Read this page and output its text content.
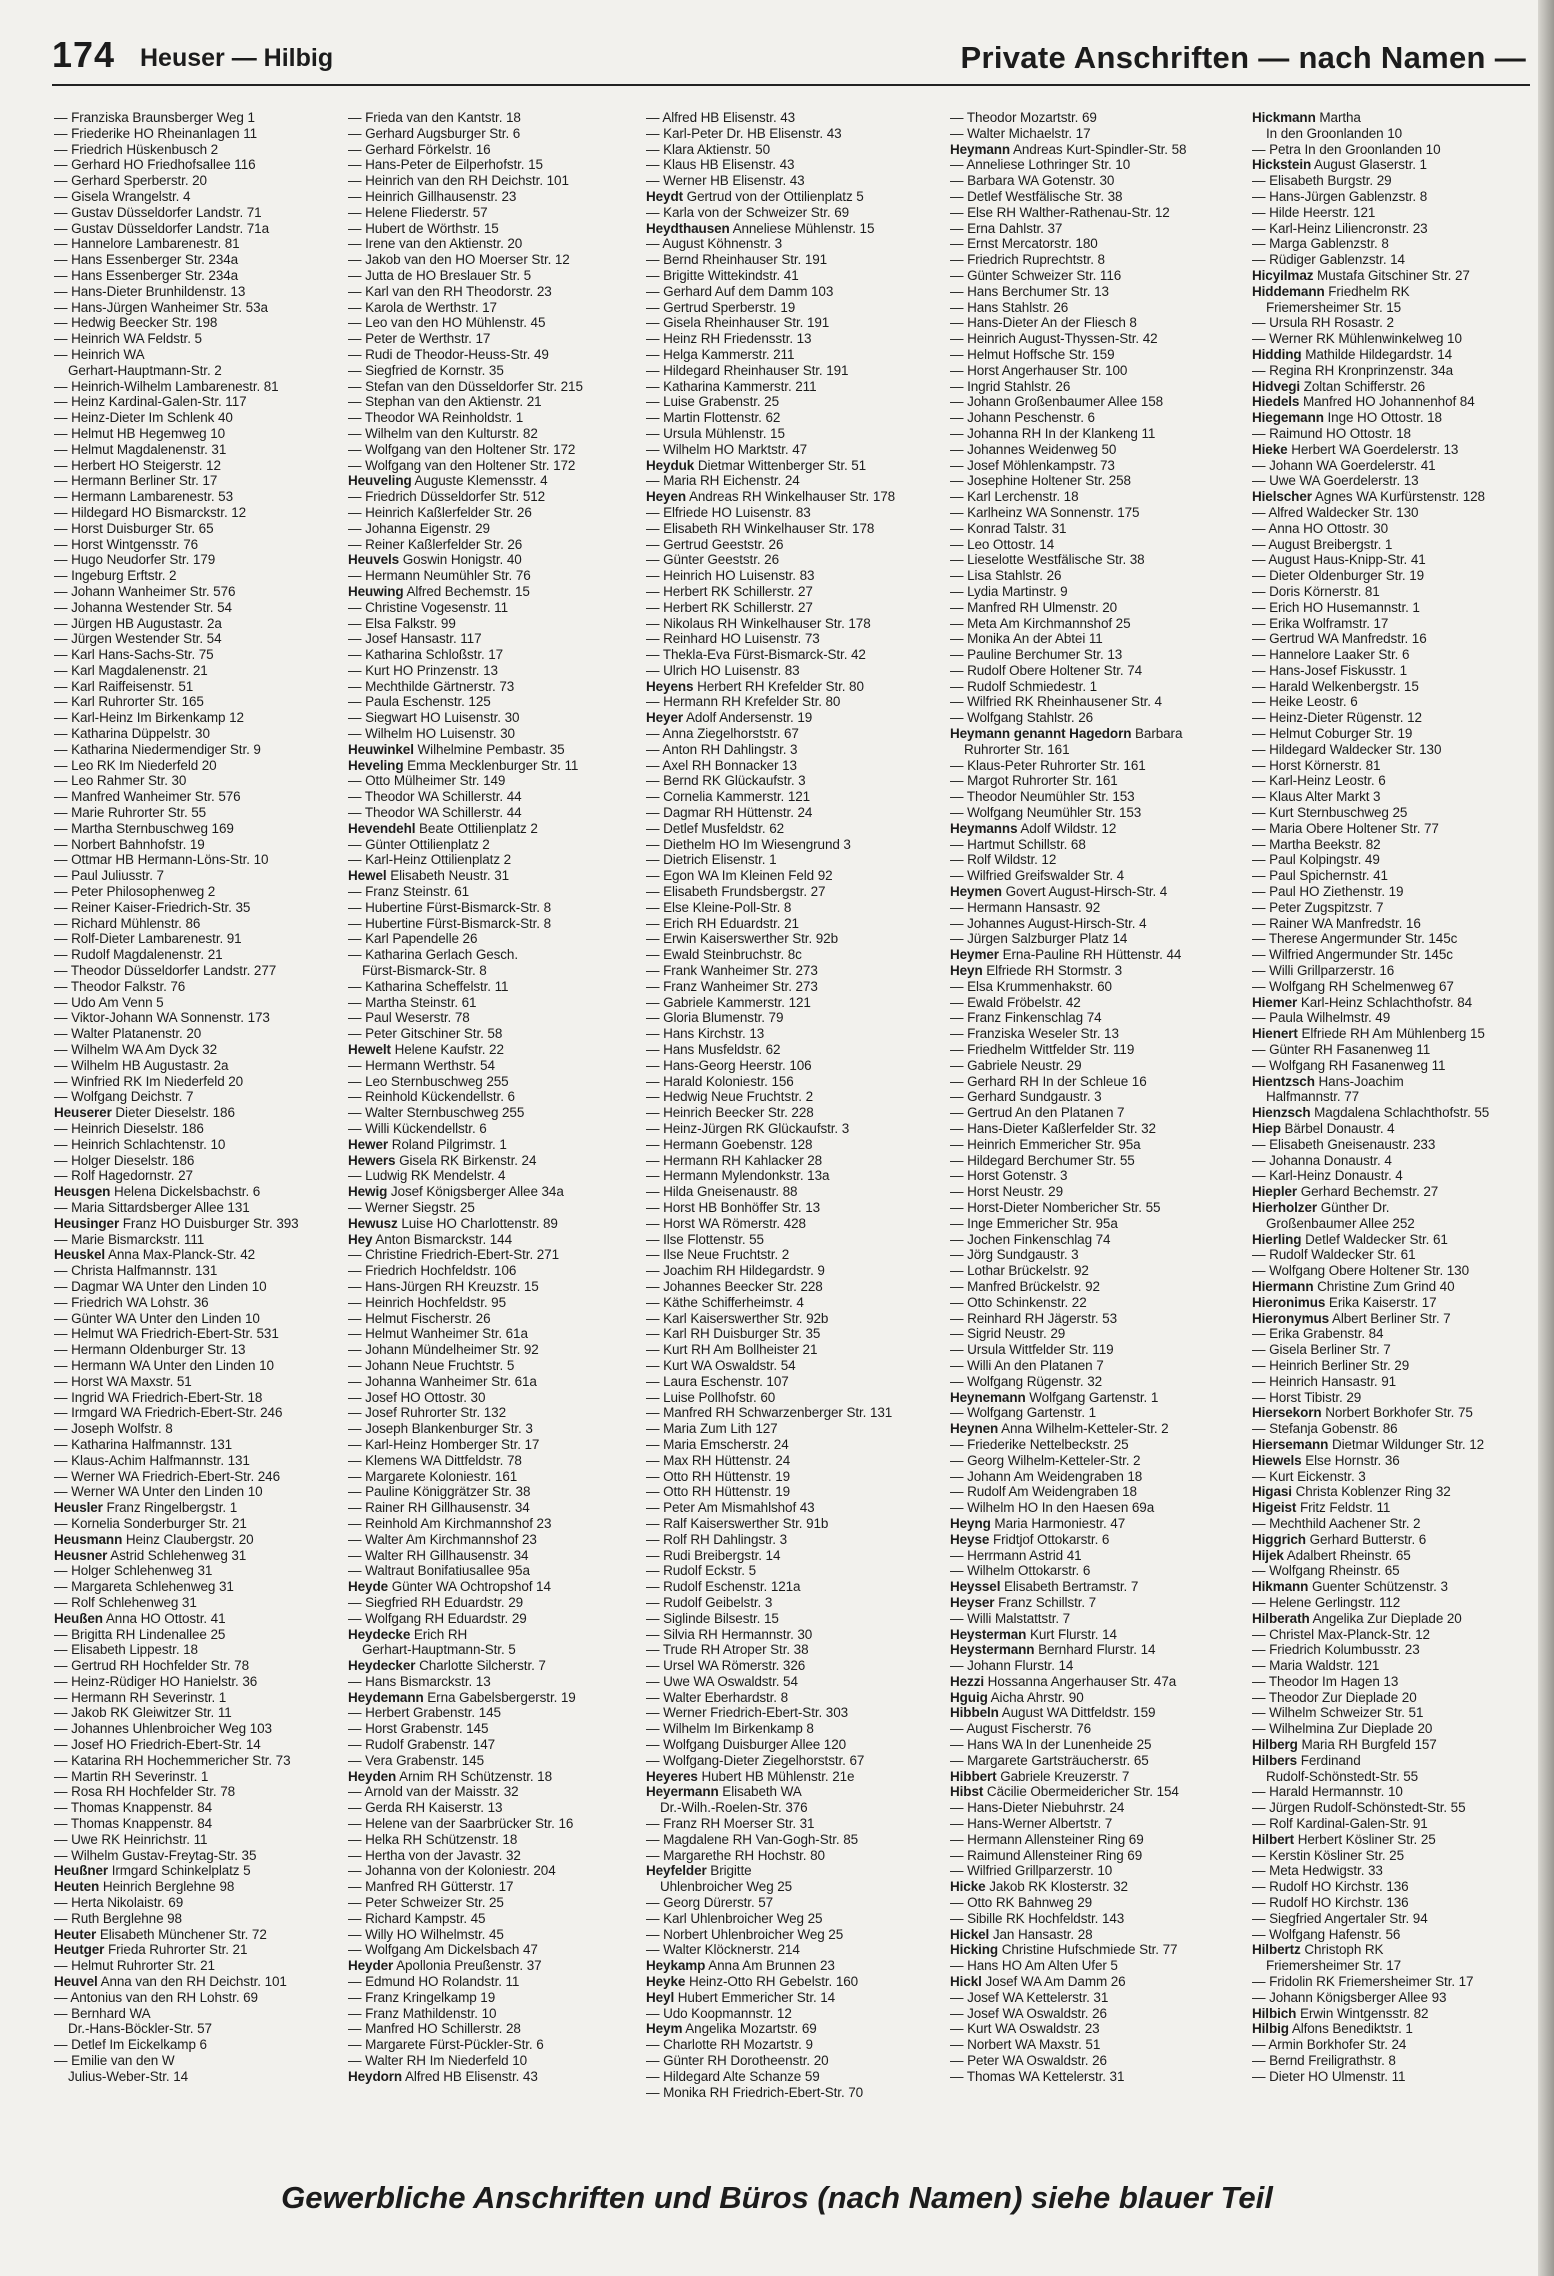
174 Heuser — Hilbig	Private Anschriften — nach Namen —
— Franziska Braunsberger Weg 1
— Friederike HO Rheinanlagen 11
— Friedrich Hüskenbusch 2
— Gerhard HO Friedhofsallee 116
— Gerhard Sperberstr. 20
— Gisela Wrangelstr. 4
— Gustav Düsseldorfer Landstr. 71
— Gustav Düsseldorfer Landstr. 71a
— Hannelore Lambarenestr. 81
— Hans Essenberger Str. 234a
— Hans Essenberger Str. 234a
— Hans-Dieter Brunhildenstr. 13
— Hans-Jürgen Wanheimer Str. 53a
— Hedwig Beecker Str. 198
— Heinrich WA Feldstr. 5
— Heinrich WA
Gerhart-Hauptmann-Str. 2
— Heinrich-Wilhelm Lambarenestr. 81
— Heinz Kardinal-Galen-Str. 117
— Heinz-Dieter Im Schlenk 40
— Helmut HB Hegemweg 10
— Helmut Magdalenenstr. 31
— Herbert HO Steigerstr. 12
— Hermann Berliner Str. 17
— Hermann Lambarenestr. 53
— Hildegard HO Bismarckstr. 12
— Horst Duisburger Str. 65
— Horst Wintgensstr. 76
— Hugo Neudorfer Str. 179
— Ingeburg Erftstr. 2
— Johann Wanheimer Str. 576
— Johanna Westender Str. 54
— Jürgen HB Augustastr. 2a
— Jürgen Westender Str. 54
— Karl Hans-Sachs-Str. 75
— Karl Magdalenenstr. 21
— Karl Raiffeisenstr. 51
— Karl Ruhrorter Str. 165
— Karl-Heinz Im Birkenkamp 12
— Katharina Düppelstr. 30
— Katharina Niedermendiger Str. 9
— Leo RK Im Niederfeld 20
— Leo Rahmer Str. 30
— Manfred Wanheimer Str. 576
— Marie Ruhrorter Str. 55
— Martha Sternbuschweg 169
— Norbert Bahnhofstr. 19
— Ottmar HB Hermann-Löns-Str. 10
— Paul Juliusstr. 7
— Peter Philosophenweg 2
— Reiner Kaiser-Friedrich-Str. 35
— Richard Mühlenstr. 86
— Rolf-Dieter Lambarenestr. 91
— Rudolf Magdalenenstr. 21
— Theodor Düsseldorfer Landstr. 277
— Theodor Falkstr. 76
— Udo Am Venn 5
— Viktor-Johann WA Sonnenstr. 173
— Walter Platanenstr. 20
— Wilhelm WA Am Dyck 32
— Wilhelm HB Augustastr. 2a
— Winfried RK Im Niederfeld 20
— Wolfgang Deichstr. 7
Heuserer Dieter Dieselstr. 186
— Heinrich Dieselstr. 186
— Heinrich Schlachtenstr. 10
— Holger Dieselstr. 186
— Rolf Hagedornstr. 27
Heusgen Helena Dickelsbachstr. 6
— Maria Sittardsberger Allee 131
Heusinger Franz HO Duisburger Str. 393
— Marie Bismarckstr. 111
Heuskel Anna Max-Planck-Str. 42
— Christa Halfmannstr. 131
— Dagmar WA Unter den Linden 10
— Friedrich WA Lohstr. 36
— Günter WA Unter den Linden 10
— Helmut WA Friedrich-Ebert-Str. 531
— Hermann Oldenburger Str. 13
— Hermann WA Unter den Linden 10
— Horst WA Maxstr. 51
— Ingrid WA Friedrich-Ebert-Str. 18
— Irmgard WA Friedrich-Ebert-Str. 246
— Joseph Wolfstr. 8
— Katharina Halfmannstr. 131
— Klaus-Achim Halfmannstr. 131
— Werner WA Friedrich-Ebert-Str. 246
— Werner WA Unter den Linden 10
Heusler Franz Ringelbergstr. 1
— Kornelia Sonderburger Str. 21
Heusmann Heinz Claubergstr. 20
Heusner Astrid Schlehenweg 31
— Holger Schlehenweg 31
— Margareta Schlehenweg 31
— Rolf Schlehenweg 31
Heußen Anna HO Ottostr. 41
— Brigitta RH Lindenallee 25
— Elisabeth Lippestr. 18
— Gertrud RH Hochfelder Str. 78
— Heinz-Rüdiger HO Hanielstr. 36
— Hermann RH Severinstr. 1
— Jakob RK Gleiwitzer Str. 11
— Johannes Uhlenbroicher Weg 103
— Josef HO Friedrich-Ebert-Str. 14
— Katarina RH Hochemmericher Str. 73
— Martin RH Severinstr. 1
— Rosa RH Hochfelder Str. 78
— Thomas Knappenstr. 84
— Thomas Knappenstr. 84
— Uwe RK Heinrichstr. 11
— Wilhelm Gustav-Freytag-Str. 35
Heußner Irmgard Schinkelplatz 5
Heuten Heinrich Berglehne 98
— Herta Nikolaistr. 69
— Ruth Berglehne 98
Heuter Elisabeth Münchener Str. 72
Heutger Frieda Ruhrorter Str. 21
— Helmut Ruhrorter Str. 21
Heuvel Anna van den RH Deichstr. 101
— Antonius van den RH Lohstr. 69
— Bernhard WA
Dr.-Hans-Böckler-Str. 57
— Detlef Im Eickelkamp 6
— Emilie van den W
Julius-Weber-Str. 14
— Frieda van den Kantstr. 18
— Gerhard Augsburger Str. 6
— Gerhard Förkelstr. 16
— Hans-Peter de Eilperhofstr. 15
— Heinrich van den RH Deichstr. 101
— Heinrich Gillhausenstr. 23
— Helene Fliederstr. 57
— Hubert de Wörthstr. 15
— Irene van den Aktienstr. 20
— Jakob van den HO Moerser Str. 12
— Jutta de HO Breslauer Str. 5
— Karl van den RH Theodorstr. 23
— Karola de Werthstr. 17
— Leo van den HO Mühlenstr. 45
— Peter de Werthstr. 17
— Rudi de Theodor-Heuss-Str. 49
— Siegfried de Kornstr. 35
— Stefan van den Düsseldorfer Str. 215
— Stephan van den Aktienstr. 21
— Theodor WA Reinholdstr. 1
— Wilhelm van den Kulturstr. 82
— Wolfgang van den Holtener Str. 172
— Wolfgang van den Holtener Str. 172
Heuveling Auguste Klemensstr. 4
— Friedrich Düsseldorfer Str. 512
— Heinrich Kaßlerfelder Str. 26
— Johanna Eigenstr. 29
— Reiner Kaßlerfelder Str. 26
Heuvels Goswin Honigstr. 40
— Hermann Neumühler Str. 76
Heuwing Alfred Bechemstr. 15
— Christine Vogesenstr. 11
— Elsa Falkstr. 99
— Josef Hansastr. 117
— Katharina Schloßstr. 17
— Kurt HO Prinzenstr. 13
— Mechthilde Gärtnerstr. 73
— Paula Eschenstr. 125
— Siegwart HO Luisenstr. 30
— Wilhelm HO Luisenstr. 30
Heuwinkel Wilhelmine Pembastr. 35
Heveling Emma Mecklenburger Str. 11
— Otto Mülheimer Str. 149
— Theodor WA Schillerstr. 44
— Theodor WA Schillerstr. 44
Hevendehl Beate Ottilienplatz 2
— Günter Ottilienplatz 2
— Karl-Heinz Ottilienplatz 2
Hewel Elisabeth Neustr. 31
— Franz Steinstr. 61
— Hubertine Fürst-Bismarck-Str. 8
— Hubertine Fürst-Bismarck-Str. 8
— Karl Papendelle 26
— Katharina Gerlach Gesch.
Fürst-Bismarck-Str. 8
— Katharina Scheffelstr. 11
— Martha Steinstr. 61
— Paul Weserstr. 78
— Peter Gitschiner Str. 58
Hewelt Helene Kaufstr. 22
— Hermann Werthstr. 54
— Leo Sternbuschweg 255
— Reinhold Kückendellstr. 6
— Walter Sternbuschweg 255
— Willi Kückendellstr. 6
Hewer Roland Pilgrimstr. 1
Hewers Gisela RK Birkenstr. 24
— Ludwig RK Mendelstr. 4
Hewig Josef Königsberger Allee 34a
— Werner Siegstr. 25
Hewusz Luise HO Charlottenstr. 89
Hey Anton Bismarckstr. 144
— Christine Friedrich-Ebert-Str. 271
— Friedrich Hochfeldstr. 106
— Hans-Jürgen RH Kreuzstr. 15
— Heinrich Hochfeldstr. 95
— Helmut Fischerstr. 26
— Helmut Wanheimer Str. 61a
— Johann Mündelheimer Str. 92
— Johann Neue Fruchtstr. 5
— Johanna Wanheimer Str. 61a
— Josef HO Ottostr. 30
— Josef Ruhrorter Str. 132
— Joseph Blankenburger Str. 3
— Karl-Heinz Homberger Str. 17
— Klemens WA Dittfeldstr. 78
— Margarete Koloniestr. 161
— Pauline Königgrätzer Str. 38
— Rainer RH Gillhausenstr. 34
— Reinhold Am Kirchmannshof 23
— Walter Am Kirchmannshof 23
— Walter RH Gillhausenstr. 34
— Waltraut Bonifatiusallee 95a
Heyde Günter WA Ochtropshof 14
— Siegfried RH Eduardstr. 29
— Wolfgang RH Eduardstr. 29
Heydecke Erich RH
Gerhart-Hauptmann-Str. 5
Heydecker Charlotte Silcherstr. 7
— Hans Bismarckstr. 13
Heydemann Erna Gabelsbergerstr. 19
— Herbert Grabenstr. 145
— Horst Grabenstr. 145
— Rudolf Grabenstr. 147
— Vera Grabenstr. 145
Heyden Arnim RH Schützenstr. 18
— Arnold van der Maisstr. 32
— Gerda RH Kaiserstr. 13
— Helene van der Saarbrücker Str. 16
— Helka RH Schützenstr. 18
— Hertha von der Javastr. 32
— Johanna von der Koloniestr. 204
— Manfred RH Gütterstr. 17
— Peter Schweizer Str. 25
— Richard Kampstr. 45
— Willy HO Wilhelmstr. 45
— Wolfgang Am Dickelsbach 47
Heyder Apollonia Preußenstr. 37
— Edmund HO Rolandstr. 11
— Franz Kringelkamp 19
— Franz Mathildenstr. 10
— Manfred HO Schillerstr. 28
— Margarete Fürst-Pückler-Str. 6
— Walter RH Im Niederfeld 10
Heydorn Alfred HB Elisenstr. 43
— Alfred HB Elisenstr. 43
— Karl-Peter Dr. HB Elisenstr. 43
— Klara Aktienstr. 50
— Klaus HB Elisenstr. 43
— Werner HB Elisenstr. 43
Heydt Gertrud von der Ottilienplatz 5
— Karla von der Schweizer Str. 69
Heydthausen Anneliese Mühlenstr. 15
— August Köhnenstr. 3
— Bernd Rheinhauser Str. 191
— Brigitte Wittekindstr. 41
— Gerhard Auf dem Damm 103
— Gertrud Sperberstr. 19
— Gisela Rheinhauser Str. 191
— Heinz RH Friedensstr. 13
— Helga Kammerstr. 211
— Hildegard Rheinhauser Str. 191
— Katharina Kammerstr. 211
— Luise Grabenstr. 25
— Martin Flottenstr. 62
— Ursula Mühlenstr. 15
— Wilhelm HO Marktstr. 47
Heyduk Dietmar Wittenberger Str. 51
— Maria RH Eichenstr. 24
Heyen Andreas RH Winkelhauser Str. 178
— Elfriede HO Luisenstr. 83
— Elisabeth RH Winkelhauser Str. 178
— Gertrud Geeststr. 26
— Günter Geeststr. 26
— Heinrich HO Luisenstr. 83
— Herbert RK Schillerstr. 27
— Herbert RK Schillerstr. 27
— Nikolaus RH Winkelhauser Str. 178
— Reinhard HO Luisenstr. 73
— Thekla-Eva Fürst-Bismarck-Str. 42
— Ulrich HO Luisenstr. 83
Heyens Herbert RH Krefelder Str. 80
— Hermann RH Krefelder Str. 80
Heyer Adolf Andersenstr. 19
— Anna Ziegelhorststr. 67
— Anton RH Dahlingstr. 3
— Axel RH Bonnacker 13
— Bernd RK Glückaufstr. 3
— Cornelia Kammerstr. 121
— Dagmar RH Hüttenstr. 24
— Detlef Musfeldstr. 62
— Diethelm HO Im Wiesengrund 3
— Dietrich Elisenstr. 1
— Egon WA Im Kleinen Feld 92
— Elisabeth Frundsbergstr. 27
— Else Kleine-Poll-Str. 8
— Erich RH Eduardstr. 21
— Erwin Kaiserswerther Str. 92b
— Ewald Steinbruchstr. 8c
— Frank Wanheimer Str. 273
— Franz Wanheimer Str. 273
— Gabriele Kammerstr. 121
— Gloria Blumenstr. 79
— Hans Kirchstr. 13
— Hans Musfeldstr. 62
— Hans-Georg Heerstr. 106
— Harald Koloniestr. 156
— Hedwig Neue Fruchtstr. 2
— Heinrich Beecker Str. 228
— Heinz-Jürgen RK Glückaufstr. 3
— Hermann Goebenstr. 128
— Hermann RH Kahlacker 28
— Hermann Mylendonkstr. 13a
— Hilda Gneisenaustr. 88
— Horst HB Bonhöffer Str. 13
— Horst WA Römerstr. 428
— Ilse Flottenstr. 55
— Ilse Neue Fruchtstr. 2
— Joachim RH Hildegardstr. 9
— Johannes Beecker Str. 228
— Käthe Schifferheimstr. 4
— Karl Kaiserswerther Str. 92b
— Karl RH Duisburger Str. 35
— Kurt RH Am Bollheister 21
— Kurt WA Oswaldstr. 54
— Laura Eschenstr. 107
— Luise Pollhofstr. 60
— Manfred RH Schwarzenberger Str. 131
— Maria Zum Lith 127
— Maria Emscherstr. 24
— Max RH Hüttenstr. 24
— Otto RH Hüttenstr. 19
— Otto RH Hüttenstr. 19
— Peter Am Mismahlshof 43
— Ralf Kaiserswerther Str. 91b
— Rolf RH Dahlingstr. 3
— Rudi Breibergstr. 14
— Rudolf Eckstr. 5
— Rudolf Eschenstr. 121a
— Rudolf Geibelstr. 3
— Siglinde Bilsestr. 15
— Silvia RH Hermannstr. 30
— Trude RH Atroper Str. 38
— Ursel WA Römerstr. 326
— Uwe WA Oswaldstr. 54
— Walter Eberhardstr. 8
— Werner Friedrich-Ebert-Str. 303
— Wilhelm Im Birkenkamp 8
— Wolfgang Duisburger Allee 120
— Wolfgang-Dieter Ziegelhorststr. 67
Heyeres Hubert HB Mühlenstr. 21e
Heyermann Elisabeth WA
Dr.-Wilh.-Roelen-Str. 376
— Franz RH Moerser Str. 31
— Magdalene RH Van-Gogh-Str. 85
— Margarethe RH Hochstr. 80
Heyfelder Brigitte
Uhlenbroicher Weg 25
— Georg Dürerstr. 57
— Karl Uhlenbroicher Weg 25
— Norbert Uhlenbroicher Weg 25
— Walter Klöcknerstr. 214
Heykamp Anna Am Brunnen 23
Heyke Heinz-Otto RH Gebelstr. 160
Heyl Hubert Emmericher Str. 14
— Udo Koopmannstr. 12
Heym Angelika Mozartstr. 69
— Charlotte RH Mozartstr. 9
— Günter RH Dorotheenstr. 20
— Hildegard Alte Schanze 59
— Monika RH Friedrich-Ebert-Str. 70
— Theodor Mozartstr. 69
— Walter Michaelstr. 17
Heymann Andreas Kurt-Spindler-Str. 58
— Anneliese Lothringer Str. 10
— Barbara WA Gotenstr. 30
— Detlef Westfälische Str. 38
— Else RH Walther-Rathenau-Str. 12
— Erna Dahlstr. 37
— Ernst Mercatorstr. 180
— Friedrich Ruprechtstr. 8
— Günter Schweizer Str. 116
— Hans Berchumer Str. 13
— Hans Stahlstr. 26
— Hans-Dieter An der Fliesch 8
— Heinrich August-Thyssen-Str. 42
— Helmut Hoffsche Str. 159
— Horst Angerhauser Str. 100
— Ingrid Stahlstr. 26
— Johann Großenbaumer Allee 158
— Johann Peschenstr. 6
— Johanna RH In der Klankeng 11
— Johannes Weidenweg 50
— Josef Möhlenkampstr. 73
— Josephine Holtener Str. 258
— Karl Lerchenstr. 18
— Karlheinz WA Sonnenstr. 175
— Konrad Talstr. 31
— Leo Ottostr. 14
— Lieselotte Westfälische Str. 38
— Lisa Stahlstr. 26
— Lydia Martinstr. 9
— Manfred RH Ulmenstr. 20
— Meta Am Kirchmannshof 25
— Monika An der Abtei 11
— Pauline Berchumer Str. 13
— Rudolf Obere Holtener Str. 74
— Rudolf Schmiedestr. 1
— Wilfried RK Rheinhausener Str. 4
— Wolfgang Stahlstr. 26
Heymann genannt Hagedorn Barbara
Ruhrorter Str. 161
— Klaus-Peter Ruhrorter Str. 161
— Margot Ruhrorter Str. 161
— Theodor Neumühler Str. 153
— Wolfgang Neumühler Str. 153
Heymanns Adolf Wildstr. 12
— Hartmut Schillstr. 68
— Rolf Wildstr. 12
— Wilfried Greifswalder Str. 4
Heymen Govert August-Hirsch-Str. 4
— Hermann Hansastr. 92
— Johannes August-Hirsch-Str. 4
— Jürgen Salzburger Platz 14
Heymer Erna-Pauline RH Hüttenstr. 44
Heyn Elfriede RH Stormstr. 3
— Elsa Krummenhakstr. 60
— Ewald Fröbelstr. 42
— Franz Finkenschlag 74
— Franziska Weseler Str. 13
— Friedhelm Wittfelder Str. 119
— Gabriele Neustr. 29
— Gerhard RH In der Schleue 16
— Gerhard Sundgaustr. 3
— Gertrud An den Platanen 7
— Hans-Dieter Kaßlerfelder Str. 32
— Heinrich Emmericher Str. 95a
— Hildegard Berchumer Str. 55
— Horst Gotenstr. 3
— Horst Neustr. 29
— Horst-Dieter Nombericher Str. 55
— Inge Emmericher Str. 95a
— Jochen Finkenschlag 74
— Jörg Sundgaustr. 3
— Lothar Brückelstr. 92
— Manfred Brückelstr. 92
— Otto Schinkenstr. 22
— Reinhard RH Jägerstr. 53
— Sigrid Neustr. 29
— Ursula Wittfelder Str. 119
— Willi An den Platanen 7
— Wolfgang Rügenstr. 32
Heynemann Wolfgang Gartenstr. 1
— Wolfgang Gartenstr. 1
Heynen Anna Wilhelm-Ketteler-Str. 2
— Friederike Nettelbeckstr. 25
— Georg Wilhelm-Ketteler-Str. 2
— Johann Am Weidengraben 18
— Rudolf Am Weidengraben 18
— Wilhelm HO In den Haesen 69a
Heyng Maria Harmoniestr. 47
Heyse Fridtjof Ottokarstr. 6
— Herrmann Astrid 41
— Wilhelm Ottokarstr. 6
Heyssel Elisabeth Bertramstr. 7
Heyser Franz Schillstr. 7
— Willi Malstattstr. 7
Heysterman Kurt Flurstr. 14
Heystermann Bernhard Flurstr. 14
— Johann Flurstr. 14
Hezzi Hossanna Angerhauser Str. 47a
Hguig Aicha Ahrstr. 90
Hibbeln August WA Dittfeldstr. 159
— August Fischerstr. 76
— Hans WA In der Lunenheide 25
— Margarete Gartsträucherstr. 65
Hibbert Gabriele Kreuzerstr. 7
Hibst Cäcilie Obermeidericher Str. 154
— Hans-Dieter Niebuhrstr. 24
— Hans-Werner Albertstr. 7
— Hermann Allensteiner Ring 69
— Raimund Allensteiner Ring 69
— Wilfried Grillparzerstr. 10
Hicke Jakob RK Klosterstr. 32
— Otto RK Bahnweg 29
— Sibille RK Hochfeldstr. 143
Hickel Jan Hansastr. 28
Hicking Christine Hufschmiede Str. 77
— Hans HO Am Alten Ufer 5
Hickl Josef WA Am Damm 26
— Josef WA Kettelerstr. 31
— Josef WA Oswaldstr. 26
— Kurt WA Oswaldstr. 23
— Norbert WA Maxstr. 51
— Peter WA Oswaldstr. 26
— Thomas WA Kettelerstr. 31
Hickmann Martha
In den Groonlanden 10
— Petra In den Groonlanden 10
Hickstein August Glaserstr. 1
— Elisabeth Burgstr. 29
— Hans-Jürgen Gablenzstr. 8
— Hilde Heerstr. 121
— Karl-Heinz Liliencronstr. 23
— Marga Gablenzstr. 8
— Rüdiger Gablenzstr. 14
Hicyilmaz Mustafa Gitschiner Str. 27
Hiddemann Friedhelm RK
Friemersheimer Str. 15
— Ursula RH Rosastr. 2
— Werner RK Mühlenwinkelweg 10
Hidding Mathilde Hildegardstr. 14
— Regina RH Kronprinzenstr. 34a
Hidvegi Zoltan Schifferstr. 26
Hiedels Manfred HO Johannenhof 84
Hiegemann Inge HO Ottostr. 18
— Raimund HO Ottostr. 18
Hieke Herbert WA Goerdelerstr. 13
— Johann WA Goerdelerstr. 41
— Uwe WA Goerdelerstr. 13
Hielscher Agnes WA Kurfürstenstr. 128
— Alfred Waldecker Str. 130
— Anna HO Ottostr. 30
— August Breibergstr. 1
— August Haus-Knipp-Str. 41
— Dieter Oldenburger Str. 19
— Doris Körnerstr. 81
— Erich HO Husemannstr. 1
— Erika Wolframstr. 17
— Gertrud WA Manfredstr. 16
— Hannelore Laaker Str. 6
— Hans-Josef Fiskusstr. 1
— Harald Welkenbergstr. 15
— Heike Leostr. 6
— Heinz-Dieter Rügenstr. 12
— Helmut Coburger Str. 19
— Hildegard Waldecker Str. 130
— Horst Körnerstr. 81
— Karl-Heinz Leostr. 6
— Klaus Alter Markt 3
— Kurt Sternbuschweg 25
— Maria Obere Holtener Str. 77
— Martha Beekstr. 82
— Paul Kolpingstr. 49
— Paul Spichernstr. 41
— Paul HO Ziethenstr. 19
— Peter Zugspitzstr. 7
— Rainer WA Manfredstr. 16
— Therese Angermunder Str. 145c
— Wilfried Angermunder Str. 145c
— Willi Grillparzerstr. 16
— Wolfgang RH Schelmenweg 67
Hiemer Karl-Heinz Schlachthofstr. 84
— Paula Wilhelmstr. 49
Hienert Elfriede RH Am Mühlenberg 15
— Günter RH Fasanenweg 11
— Wolfgang RH Fasanenweg 11
Hientzsch Hans-Joachim
Halfmannstr. 77
Hienzsch Magdalena Schlachthofstr. 55
Hiep Bärbel Donaustr. 4
— Elisabeth Gneisenaustr. 233
— Johanna Donaustr. 4
— Karl-Heinz Donaustr. 4
Hiepler Gerhard Bechemstr. 27
Hierholzer Günther Dr.
Großenbaumer Allee 252
Hierling Detlef Waldecker Str. 61
— Rudolf Waldecker Str. 61
— Wolfgang Obere Holtener Str. 130
Hiermann Christine Zum Grind 40
Hieronimus Erika Kaiserstr. 17
Hieronymus Albert Berliner Str. 7
— Erika Grabenstr. 84
— Gisela Berliner Str. 7
— Heinrich Berliner Str. 29
— Heinrich Hansastr. 91
— Horst Tibistr. 29
Hiersekorn Norbert Borkhofer Str. 75
— Stefanja Gobenstr. 86
Hiersemann Dietmar Wildunger Str. 12
Hiewels Else Hornstr. 36
— Kurt Eickenstr. 3
Higasi Christa Koblenzer Ring 32
Higeist Fritz Feldstr. 11
— Mechthild Aachener Str. 2
Higgrich Gerhard Butterstr. 6
Hijek Adalbert Rheinstr. 65
— Wolfgang Rheinstr. 65
Hikmann Guenter Schützenstr. 3
— Helene Gerlingstr. 112
Hilberath Angelika Zur Dieplade 20
— Christel Max-Planck-Str. 12
— Friedrich Kolumbusstr. 23
— Maria Waldstr. 121
— Theodor Im Hagen 13
— Theodor Zur Dieplade 20
— Wilhelm Schweizer Str. 51
— Wilhelmina Zur Dieplade 20
Hilberg Maria RH Burgfeld 157
Hilbers Ferdinand
Rudolf-Schönstedt-Str. 55
— Harald Hermannstr. 10
— Jürgen Rudolf-Schönstedt-Str. 55
— Rolf Kardinal-Galen-Str. 91
Hilbert Herbert Kösliner Str. 25
— Kerstin Kösliner Str. 25
— Meta Hedwigstr. 33
— Rudolf HO Kirchstr. 136
— Rudolf HO Kirchstr. 136
— Siegfried Angertaler Str. 94
— Wolfgang Hafenstr. 56
Hilbertz Christoph RK
Friemersheimer Str. 17
— Fridolin RK Friemersheimer Str. 17
— Johann Königsberger Allee 93
Hilbich Erwin Wintgensstr. 82
Hilbig Alfons Benediktstr. 1
— Armin Borkhofer Str. 24
— Bernd Freiligrathstr. 8
— Dieter HO Ulmenstr. 11
Gewerbliche Anschriften und Büros (nach Namen) siehe blauer Teil
